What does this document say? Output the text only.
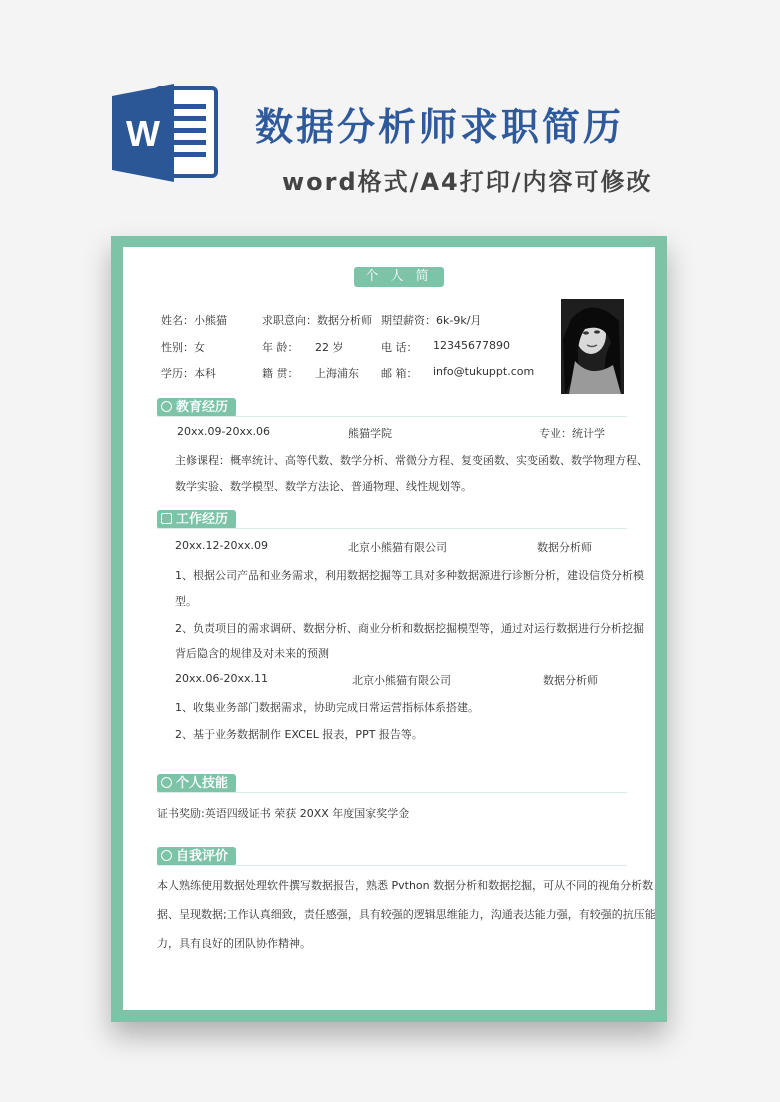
W	数据分析师求职简历
word格式/A4打印/内容可修改
个 人 简 历
姓名：小熊猫	求职意向：数据分析师 期望薪资：6k-9k/月
性别：女	年 龄： 22 岁	电 话： 12345677890
学历：本科	籍 贯： 上海浦东 邮 箱： info@tukuppt.com
教育经历
20xx.09-20xx.06	熊猫学院	专业：统计学
主修课程：概率统计、高等代数、数学分析、常微分方程、复变函数、实变函数、数学物理方程、
数学实验、数学模型、数学方法论、普通物理、线性规划等。
工作经历
20xx.12-20xx.09	北京小熊猫有限公司	数据分析师
1、根据公司产品和业务需求，利用数据挖掘等工具对多种数据源进行诊断分析，建设信贷分析模
型。
2、负责项目的需求调研、数据分析、商业分析和数据挖掘模型等，通过对运行数据进行分析挖掘
背后隐含的规律及对未来的预测
20xx.06-20xx.11	北京小熊猫有限公司	数据分析师
1、收集业务部门数据需求，协助完成日常运营指标体系搭建。
2、基于业务数据制作 EXCEL 报表，PPT 报告等。
个人技能
证书奖励:英语四级证书 荣获 20XX 年度国家奖学金
自我评价
本人熟练使用数据处理软件撰写数据报告，熟悉 Pvthon 数据分析和数据挖掘，可从不同的视角分析数
据、呈现数据;工作认真细致，责任感强，具有较强的逻辑思维能力，沟通表达能力强，有较强的抗压能
力，具有良好的团队协作精神。
